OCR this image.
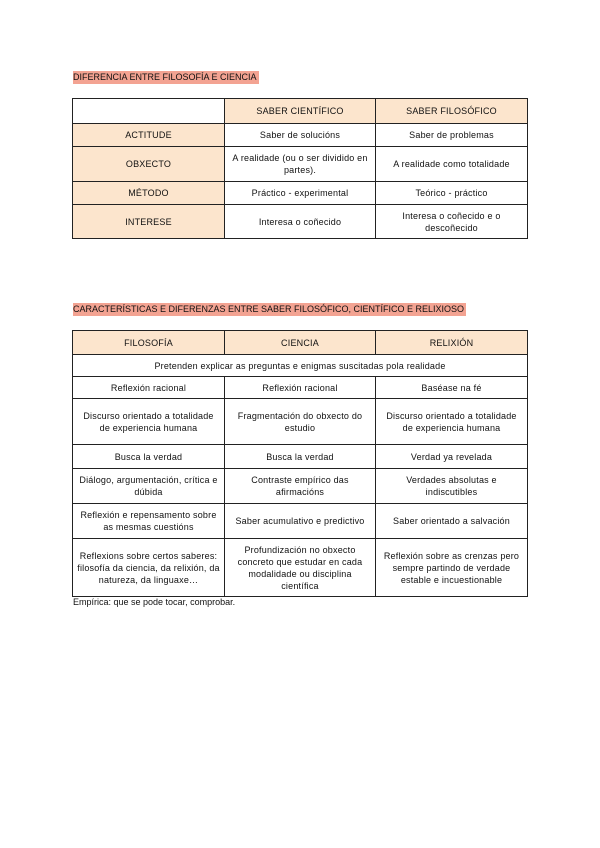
DIFERENCIA ENTRE FILOSOFÍA E CIENCIA
	SABER CIENTÍFICO	SABER FILOSÓFICO
ACTITUDE	Saber de solucións	Saber de problemas
OBXECTO	A realidade (ou o ser dividido en partes).	A realidade como totalidade
MÉTODO	Práctico - experimental	Teórico - práctico
INTERESE	Interesa o coñecido	Interesa o coñecido e o descoñecido
CARACTERÍSTICAS E DIFERENZAS ENTRE SABER FILOSÓFICO, CIENTÍFICO E RELIXIOSO
FILOSOFÍA	CIENCIA	RELIXIÓN
Pretenden explicar as preguntas e enigmas suscitadas pola realidade		
Reflexión racional	Reflexión racional	Baséase na fé
Discurso orientado a totalidade de experiencia humana	Fragmentación do obxecto do estudio	Discurso orientado a totalidade de experiencia humana
Busca la verdad	Busca la verdad	Verdad ya revelada
Diálogo, argumentación, crítica e dúbida	Contraste empírico das afirmacións	Verdades absolutas e indiscutibles
Reflexión e repensamento sobre as mesmas cuestións	Saber acumulativo e predictivo	Saber orientado a salvación
Reflexions sobre certos saberes: filosofía da ciencia, da relixión, da natureza, da linguaxe…	Profundización no obxecto concreto que estudar en cada modalidade ou disciplina científica	Reflexión sobre as crenzas pero sempre partindo de verdade estable e incuestionable
Empírica: que se pode tocar, comprobar.
